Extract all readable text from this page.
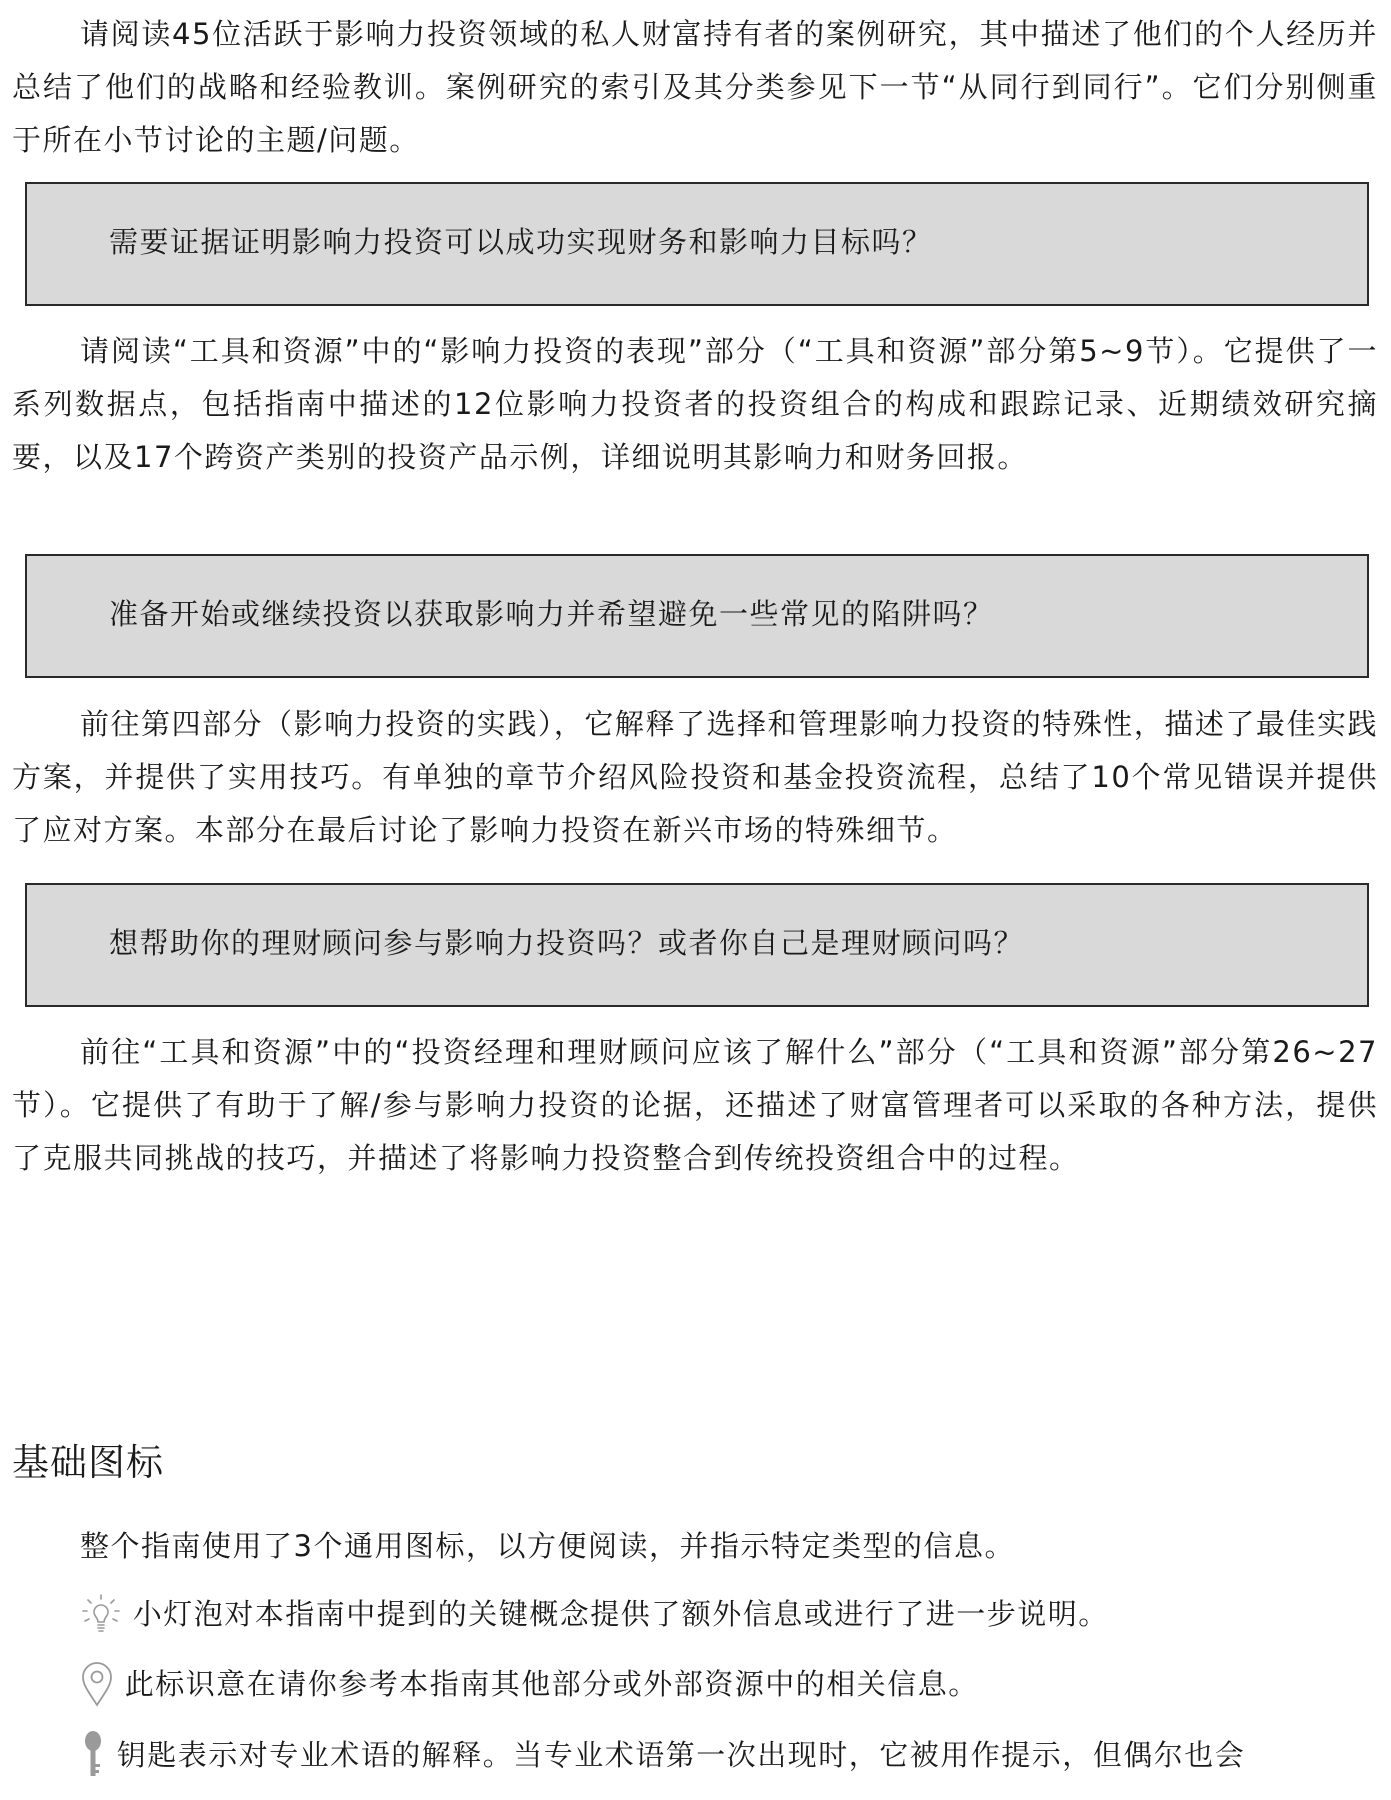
请阅读45位活跃于影响力投资领域的私人财富持有者的案例研究，其中描述了他们的个人经历并总结了他们的战略和经验教训。案例研究的索引及其分类参见下一节“从同行到同行”。它们分别侧重于所在小节讨论的主题/问题。

需要证据证明影响力投资可以成功实现财务和影响力目标吗？

请阅读“工具和资源”中的“影响力投资的表现”部分（“工具和资源”部分第5~9节）。它提供了一系列数据点，包括指南中描述的12位影响力投资者的投资组合的构成和跟踪记录、近期绩效研究摘要，以及17个跨资产类别的投资产品示例，详细说明其影响力和财务回报。

准备开始或继续投资以获取影响力并希望避免一些常见的陷阱吗？

前往第四部分（影响力投资的实践），它解释了选择和管理影响力投资的特殊性，描述了最佳实践方案，并提供了实用技巧。有单独的章节介绍风险投资和基金投资流程，总结了10个常见错误并提供了应对方案。本部分在最后讨论了影响力投资在新兴市场的特殊细节。

想帮助你的理财顾问参与影响力投资吗？或者你自己是理财顾问吗？

前往“工具和资源”中的“投资经理和理财顾问应该了解什么”部分（“工具和资源”部分第26~27节）。它提供了有助于了解/参与影响力投资的论据，还描述了财富管理者可以采取的各种方法，提供了克服共同挑战的技巧，并描述了将影响力投资整合到传统投资组合中的过程。

基础图标

整个指南使用了3个通用图标，以方便阅读，并指示特定类型的信息。

小灯泡对本指南中提到的关键概念提供了额外信息或进行了进一步说明。
此标识意在请你参考本指南其他部分或外部资源中的相关信息。
钥匙表示对专业术语的解释。当专业术语第一次出现时，它被用作提示，但偶尔也会
